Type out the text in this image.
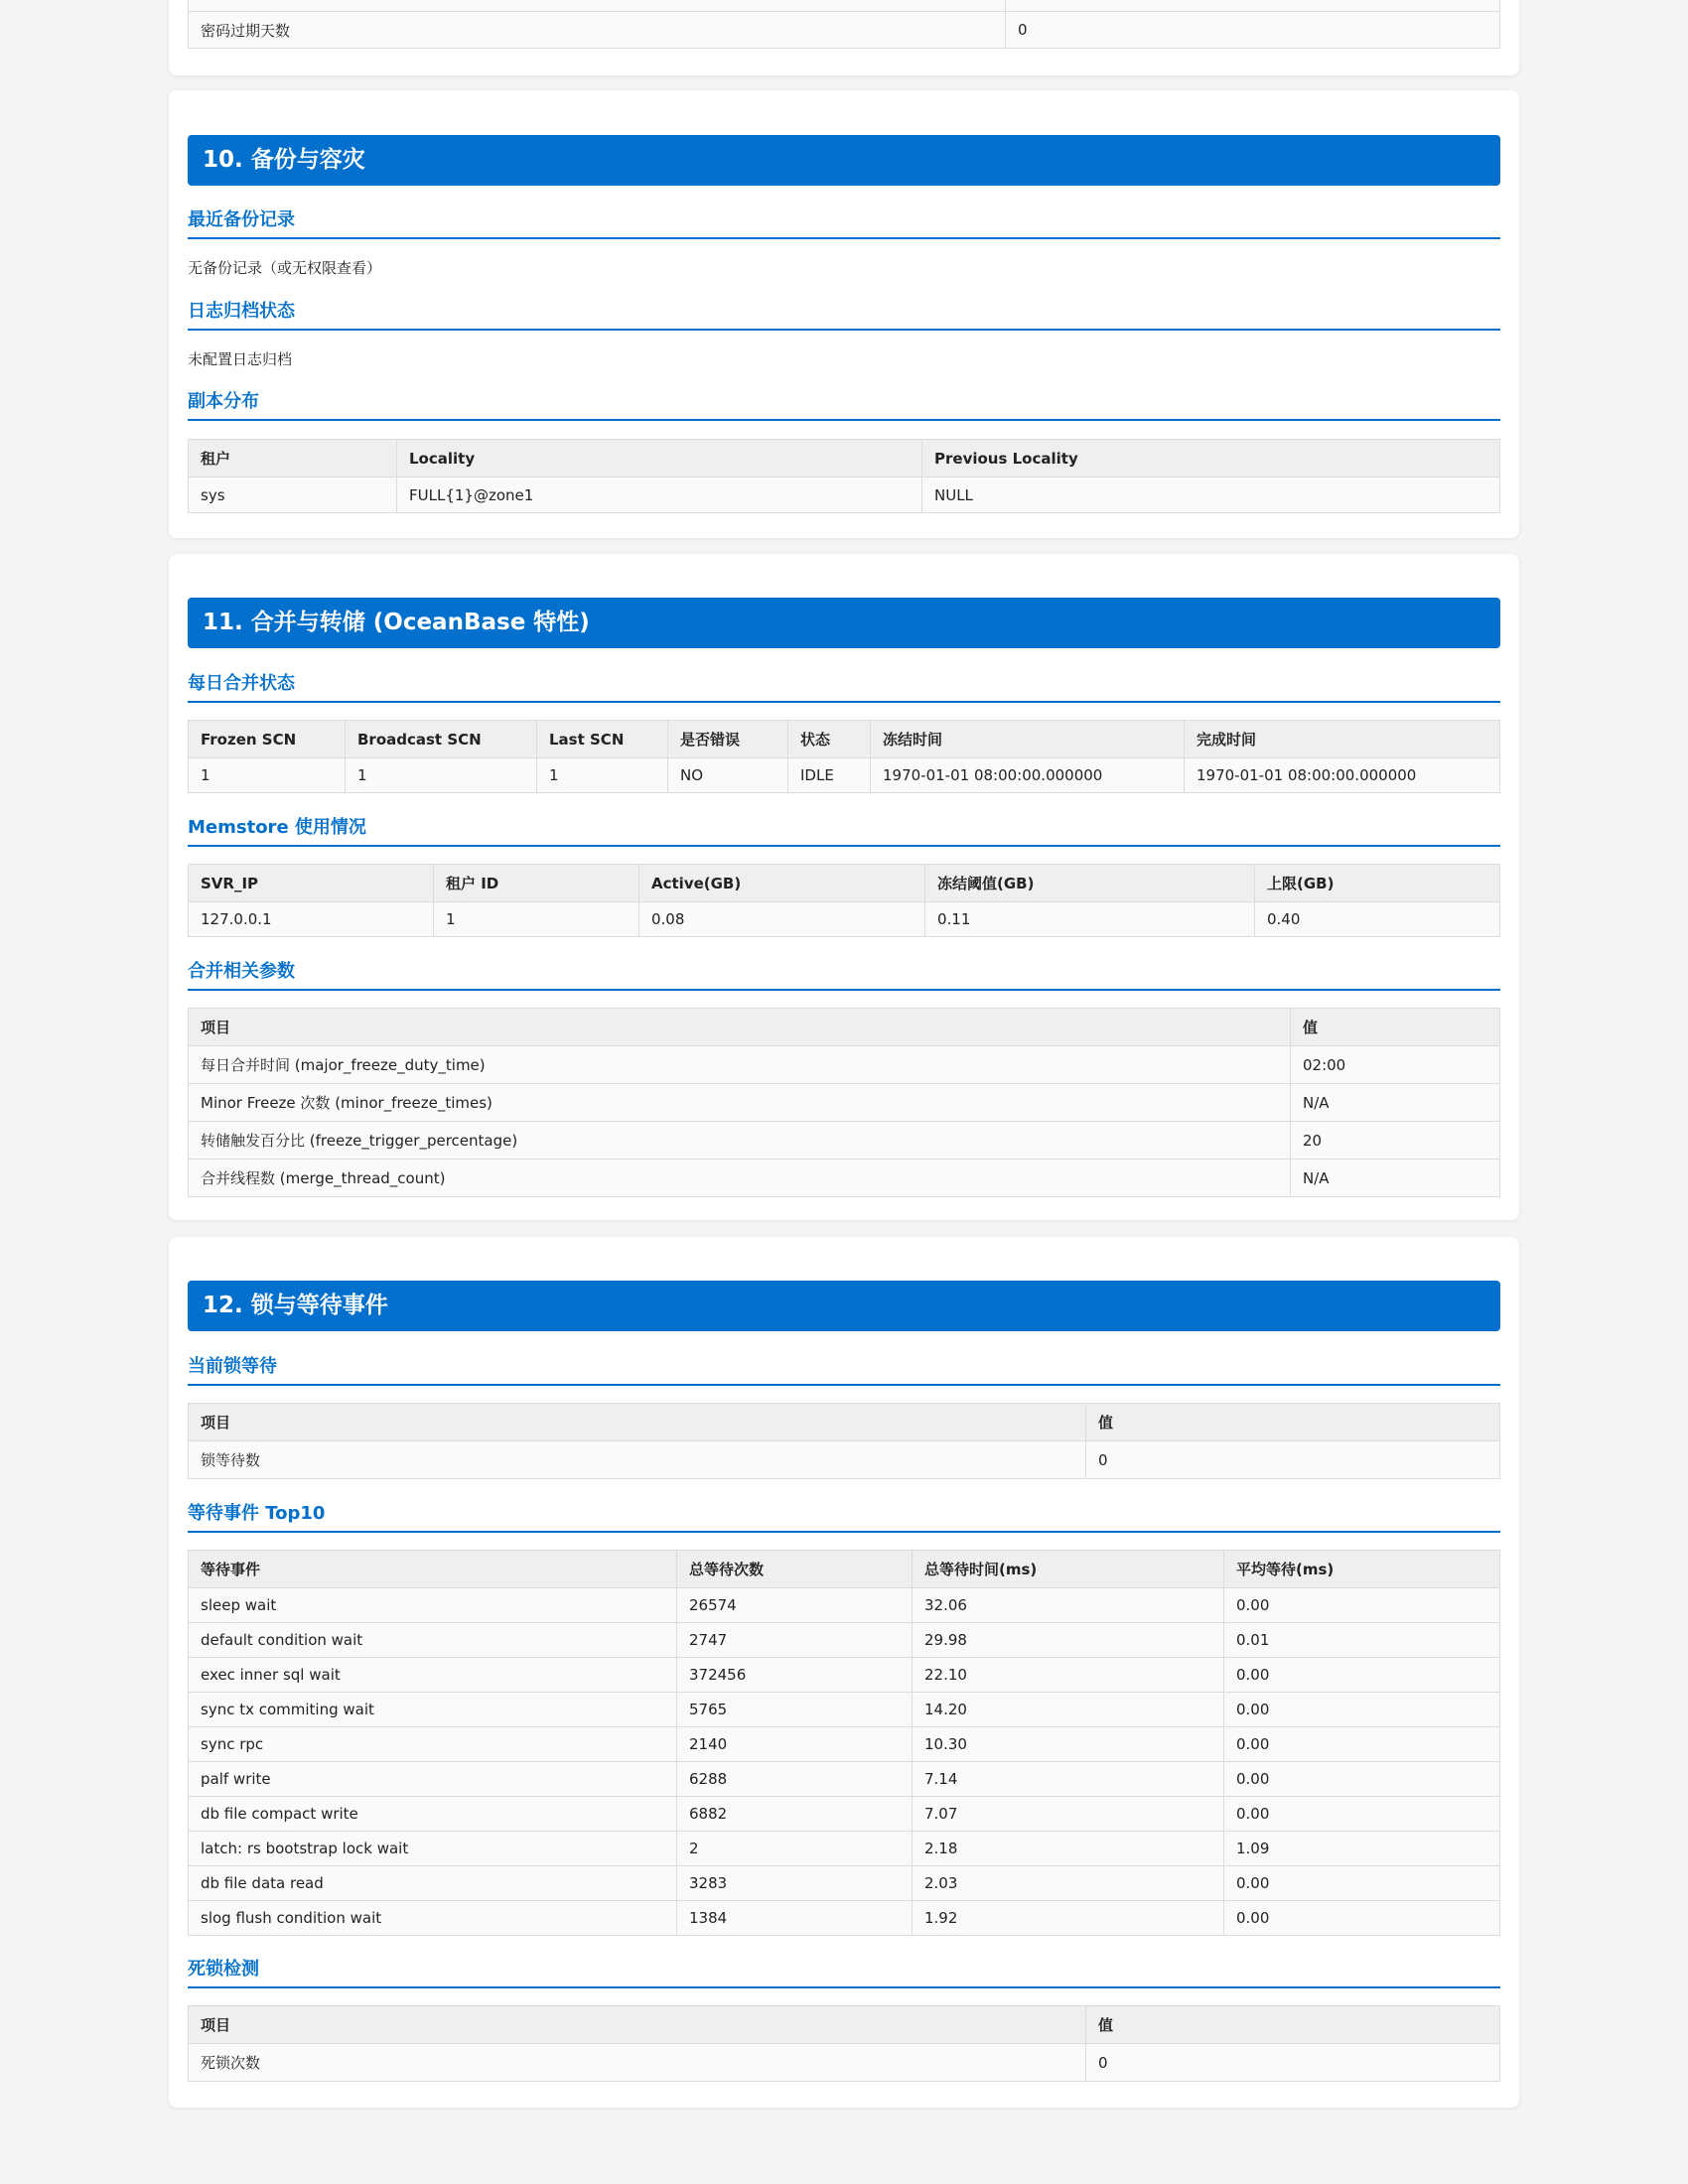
密码过期天数	0
10. 备份与容灾
最近备份记录

无备份记录（或无权限查看）

日志归档状态

未配置日志归档

副本分布
租户	Locality	Previous Locality
sys	FULL{1}@zone1	NULL
11. 合并与转储 (OceanBase 特性)
每日合并状态
Frozen SCN	Broadcast SCN	Last SCN	是否错误	状态	冻结时间	完成时间
1	1	1	NO	IDLE	1970-01-01 08:00:00.000000	1970-01-01 08:00:00.000000
Memstore 使用情况
SVR_IP	租户 ID	Active(GB)	冻结阈值(GB)	上限(GB)
127.0.0.1	1	0.08	0.11	0.40
合并相关参数
项目	值
每日合并时间 (major_freeze_duty_time)	02:00
Minor Freeze 次数 (minor_freeze_times)	N/A
转储触发百分比 (freeze_trigger_percentage)	20
合并线程数 (merge_thread_count)	N/A
12. 锁与等待事件
当前锁等待
项目	值
锁等待数	0
等待事件 Top10
等待事件	总等待次数	总等待时间(ms)	平均等待(ms)
sleep wait	26574	32.06	0.00
default condition wait	2747	29.98	0.01
exec inner sql wait	372456	22.10	0.00
sync tx commiting wait	5765	14.20	0.00
sync rpc	2140	10.30	0.00
palf write	6288	7.14	0.00
db file compact write	6882	7.07	0.00
latch: rs bootstrap lock wait	2	2.18	1.09
db file data read	3283	2.03	0.00
slog flush condition wait	1384	1.92	0.00
死锁检测
项目	值
死锁次数	0
